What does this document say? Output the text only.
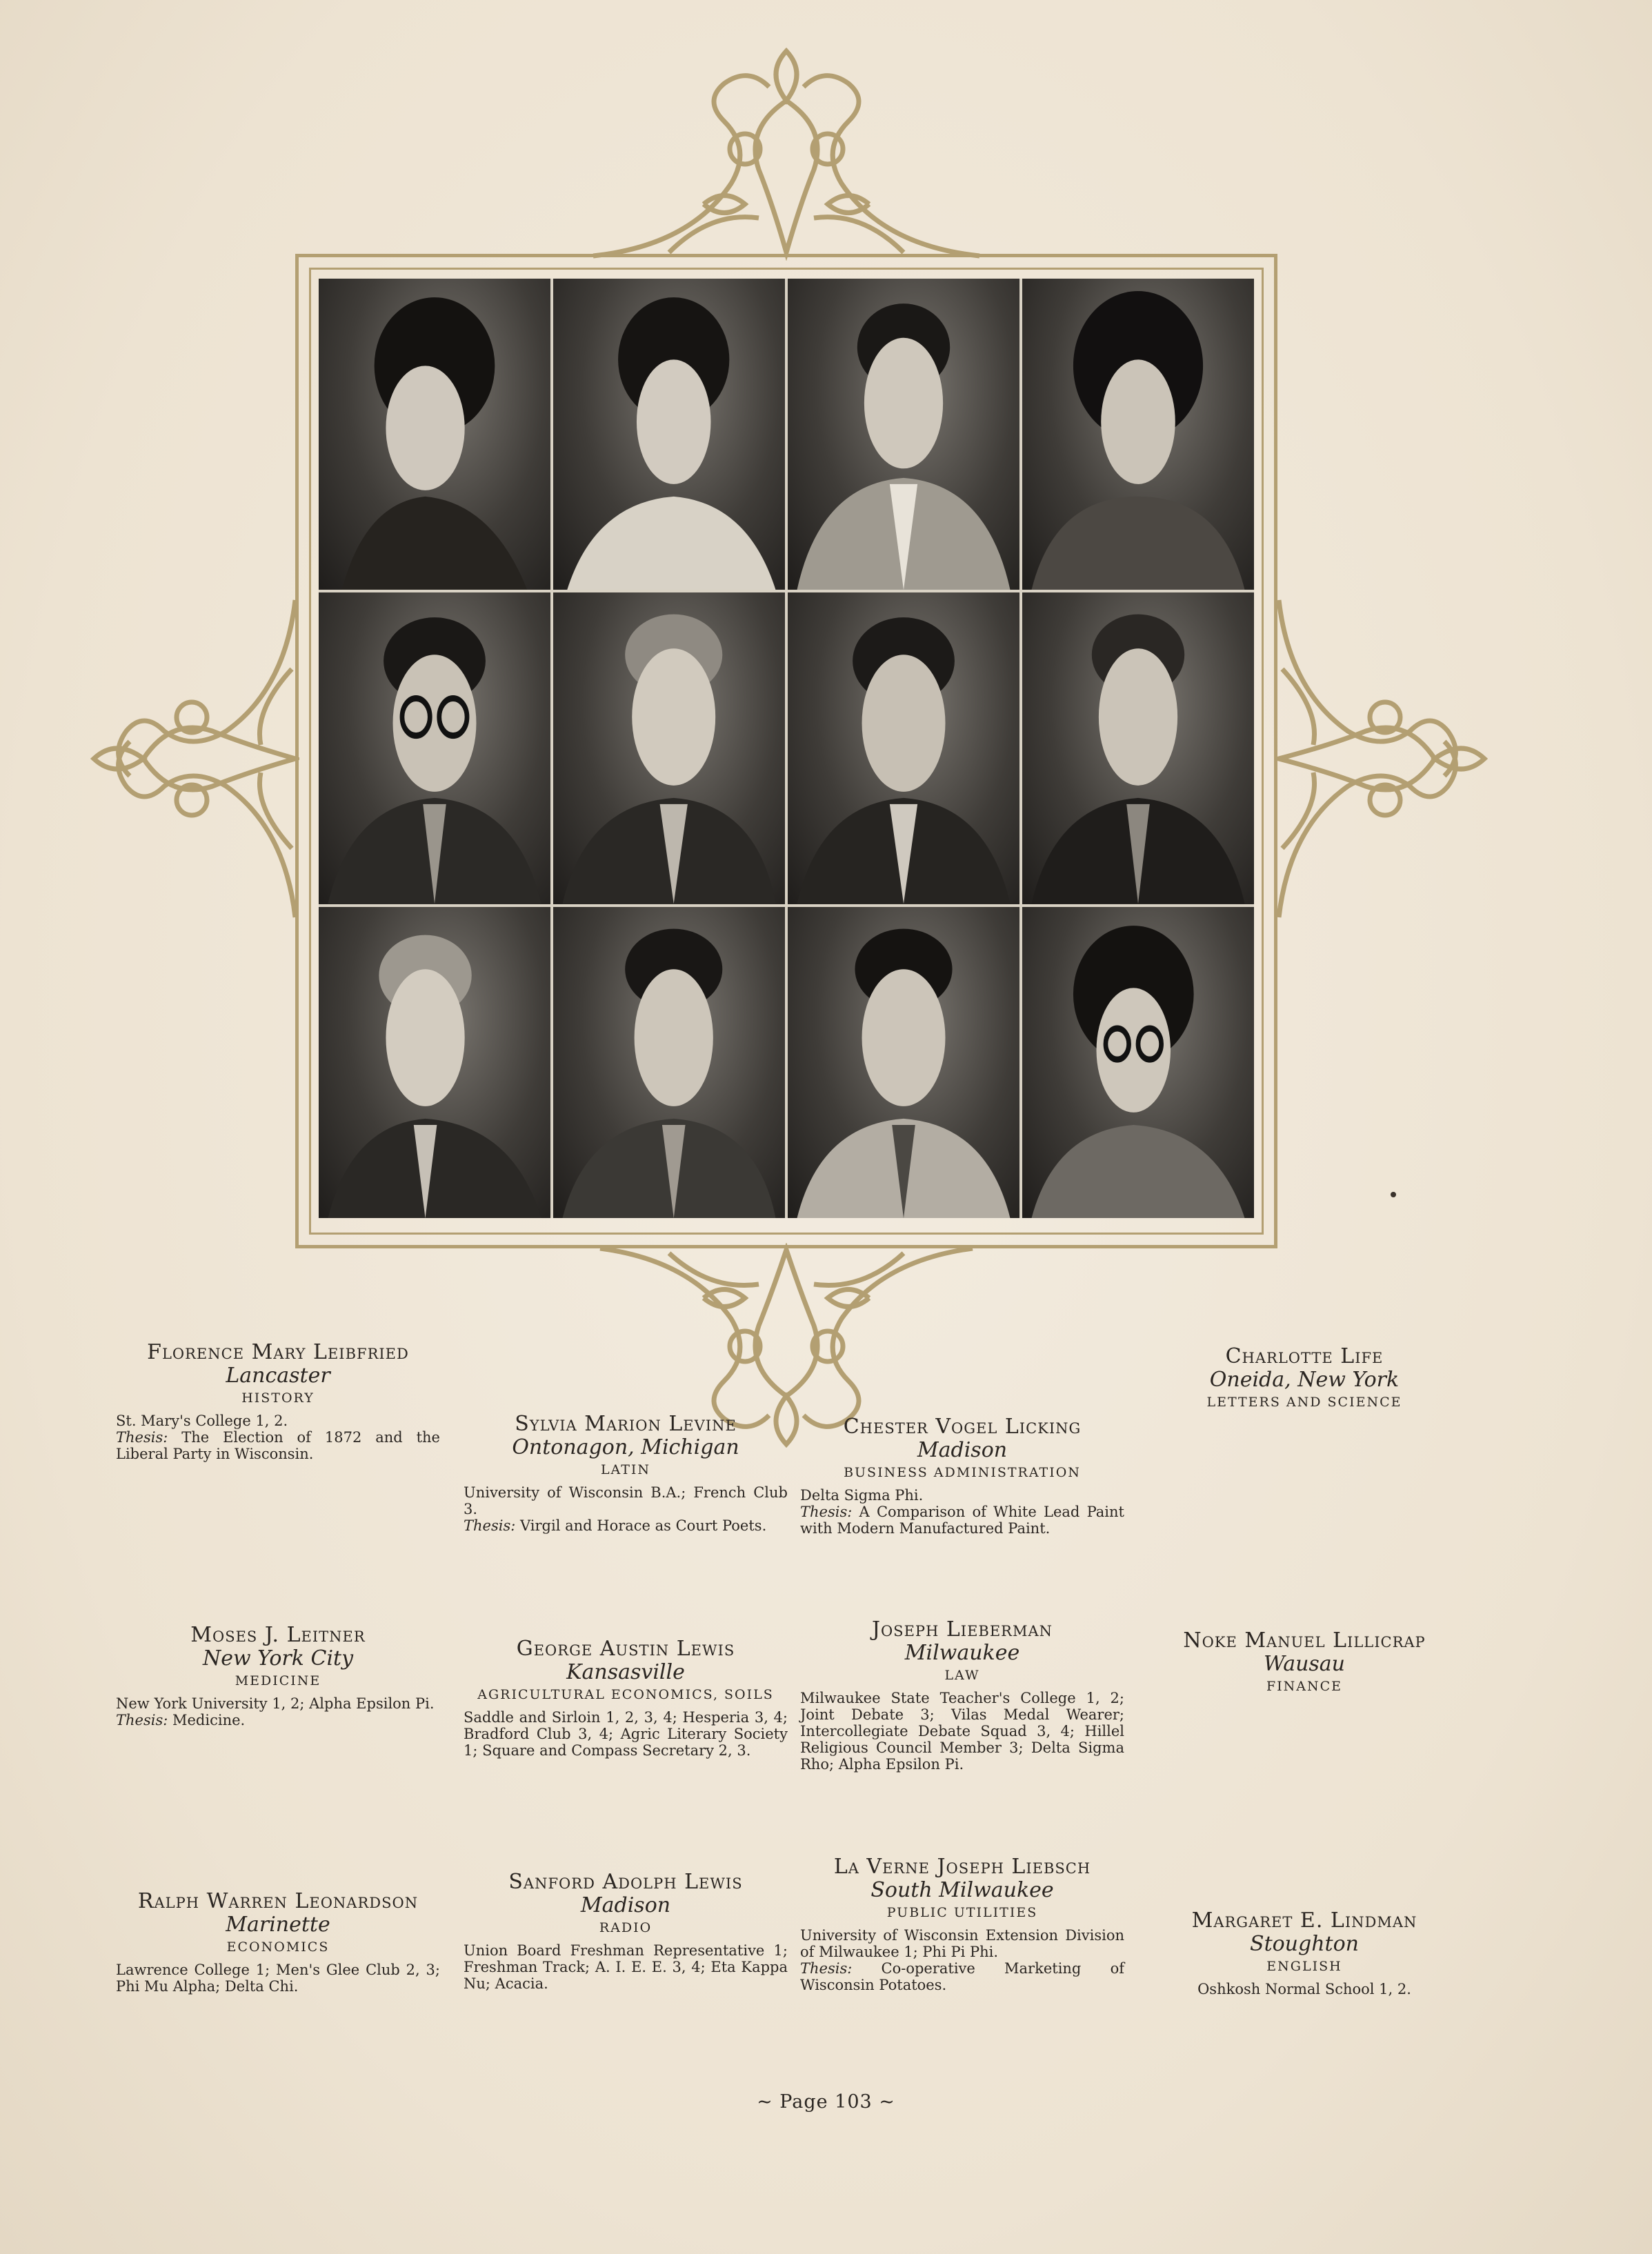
Florence Mary Leibfried
Lancaster
HISTORY
St. Mary's College 1, 2.
Thesis: The Election of 1872 and the Liberal Party in Wisconsin.
Sylvia Marion Levine
Ontonagon, Michigan
LATIN
University of Wisconsin B.A.; French Club 3.
Thesis: Virgil and Horace as Court Poets.
Chester Vogel Licking
Madison
BUSINESS ADMINISTRATION
Delta Sigma Phi.
Thesis: A Comparison of White Lead Paint with Modern Manufactured Paint.
Charlotte Life
Oneida, New York
LETTERS AND SCIENCE
Moses J. Leitner
New York City
MEDICINE
New York University 1, 2; Alpha Epsilon Pi.
Thesis: Medicine.
George Austin Lewis
Kansasville
AGRICULTURAL ECONOMICS, SOILS
Saddle and Sirloin 1, 2, 3, 4; Hesperia 3, 4; Bradford Club 3, 4; Agric Literary Society 1; Square and Compass Secretary 2, 3.
Joseph Lieberman
Milwaukee
LAW
Milwaukee State Teacher's College 1, 2; Joint Debate 3; Vilas Medal Wearer; Intercollegiate Debate Squad 3, 4; Hillel Religious Council Member 3; Delta Sigma Rho; Alpha Epsilon Pi.
Noke Manuel Lillicrap
Wausau
FINANCE
Ralph Warren Leonardson
Marinette
ECONOMICS
Lawrence College 1; Men's Glee Club 2, 3; Phi Mu Alpha; Delta Chi.
Sanford Adolph Lewis
Madison
RADIO
Union Board Freshman Representative 1; Freshman Track; A. I. E. E. 3, 4; Eta Kappa Nu; Acacia.
La Verne Joseph Liebsch
South Milwaukee
PUBLIC UTILITIES
University of Wisconsin Extension Division of Milwaukee 1; Phi Pi Phi.
Thesis: Co-operative Marketing of Wisconsin Potatoes.
Margaret E. Lindman
Stoughton
ENGLISH
Oshkosh Normal School 1, 2.
~ Page 103 ~
